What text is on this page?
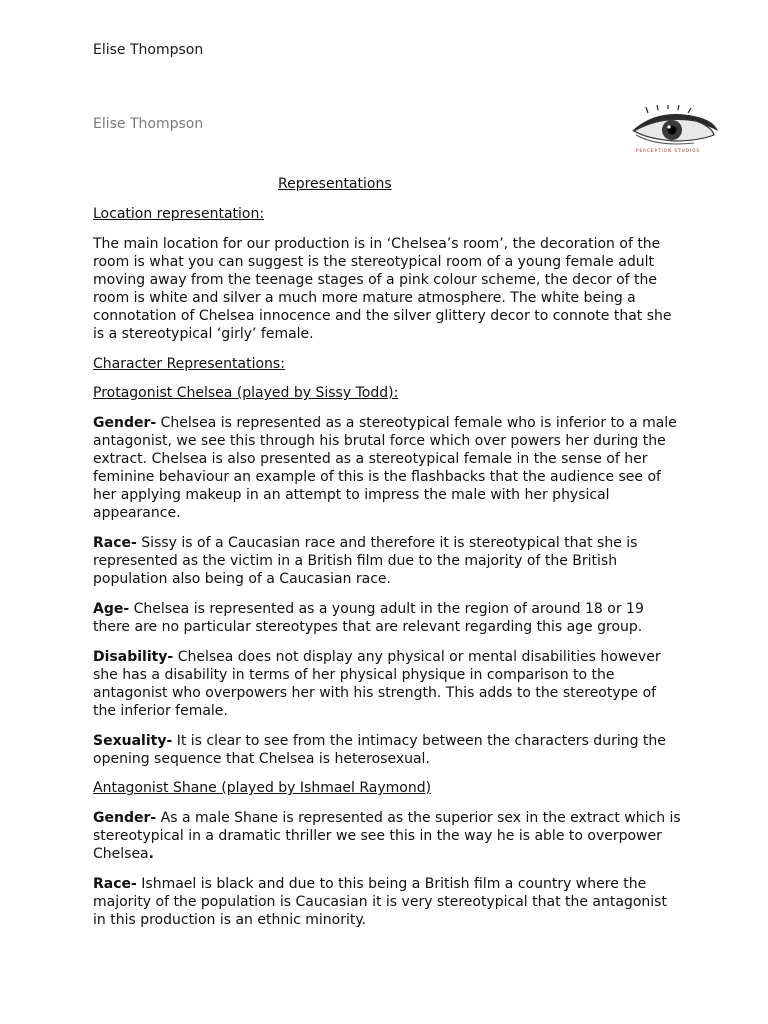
Elise Thompson
Elise Thompson
PERCEPTION STUDIOS
Representations
Location representation:
The main location for our production is in ‘Chelsea’s room’, the decoration of the room is what you can suggest is the stereotypical room of a young female adult moving away from the teenage stages of a pink colour scheme, the decor of the room is white and silver a much more mature atmosphere. The white being a connotation of Chelsea innocence and the silver glittery decor to connote that she is a stereotypical ‘girly’ female.
Character Representations:
Protagonist Chelsea (played by Sissy Todd):
Gender- Chelsea is represented as a stereotypical female who is inferior to a male antagonist, we see this through his brutal force which over powers her during the extract. Chelsea is also presented as a stereotypical female in the sense of her feminine behaviour an example of this is the flashbacks that the audience see of her applying makeup in an attempt to impress the male with her physical appearance.
Race- Sissy is of a Caucasian race and therefore it is stereotypical that she is represented as the victim in a British film due to the majority of the British population also being of a Caucasian race.
Age- Chelsea is represented as a young adult in the region of around 18 or 19 there are no particular stereotypes that are relevant regarding this age group.
Disability- Chelsea does not display any physical or mental disabilities however she has a disability in terms of her physical physique in comparison to the antagonist who overpowers her with his strength. This adds to the stereotype of the inferior female.
Sexuality- It is clear to see from the intimacy between the characters during the opening sequence that Chelsea is heterosexual.
Antagonist Shane (played by Ishmael Raymond)
Gender- As a male Shane is represented as the superior sex in the extract which is stereotypical in a dramatic thriller we see this in the way he is able to overpower Chelsea.
Race- Ishmael is black and due to this being a British film a country where the majority of the population is Caucasian it is very stereotypical that the antagonist in this production is an ethnic minority.
